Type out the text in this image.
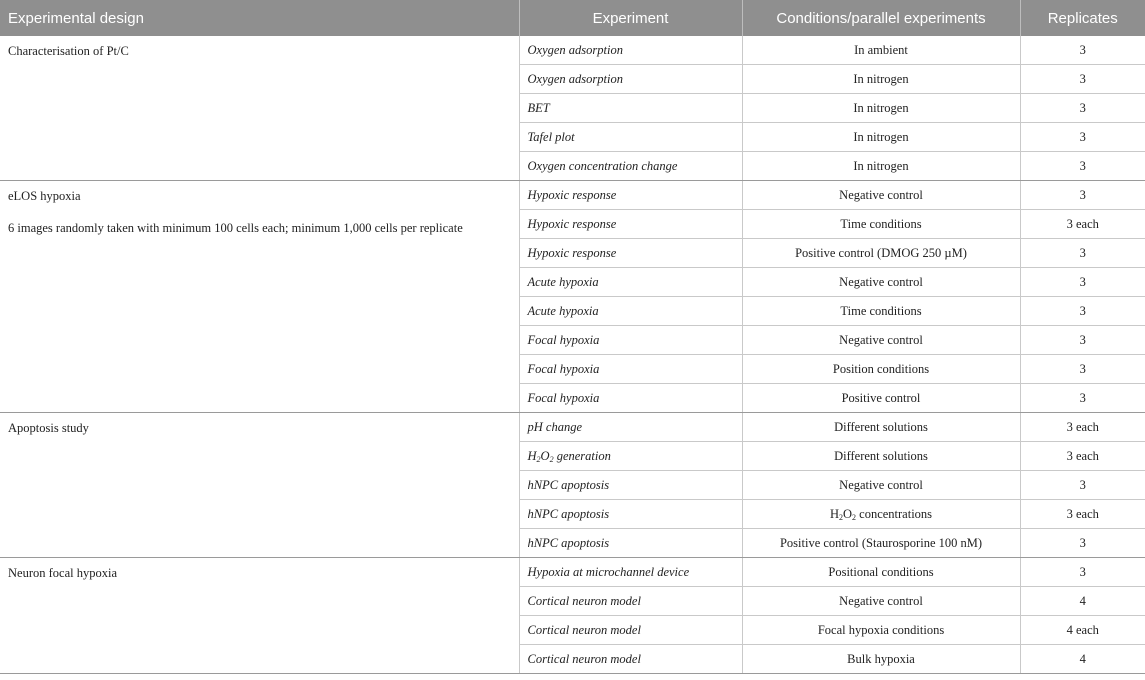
Experimental design	Experiment	Conditions/parallel experiments	Replicates

Characterisation of Pt/C	Oxygen adsorption	In ambient	3
	Oxygen adsorption	In nitrogen	3
	BET	In nitrogen	3
	Tafel plot	In nitrogen	3
	Oxygen concentration change	In nitrogen	3

eLOS hypoxia
6 images randomly taken with minimum 100 cells each; minimum 1,000 cells per replicate	Hypoxic response	Negative control	3
	Hypoxic response	Time conditions	3 each
	Hypoxic response	Positive control (DMOG 250 µM)	3
	Acute hypoxia	Negative control	3
	Acute hypoxia	Time conditions	3
	Focal hypoxia	Negative control	3
	Focal hypoxia	Position conditions	3
	Focal hypoxia	Positive control	3

Apoptosis study	pH change	Different solutions	3 each
	$H_2O_2$ generation	Different solutions	3 each
	hNPC apoptosis	Negative control	3
	hNPC apoptosis	$H_2O_2$ concentrations	3 each
	hNPC apoptosis	Positive control (Staurosporine 100 nM)	3

Neuron focal hypoxia	Hypoxia at microchannel device	Positional conditions	3
	Cortical neuron model	Negative control	4
	Cortical neuron model	Focal hypoxia conditions	4 each
	Cortical neuron model	Bulk hypoxia	4
